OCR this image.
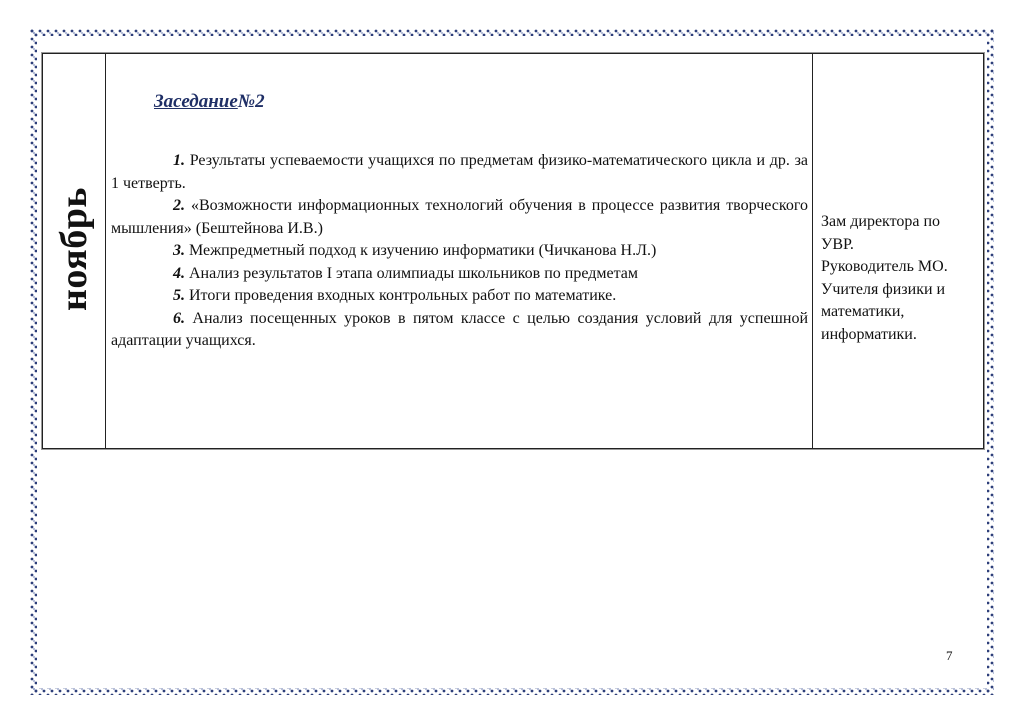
ноябрь
Заседание№2

1. Результаты успеваемости учащихся по предметам физико-математического цикла и др. за 1 четверть.

2. «Возможности информационных технологий обучения в процессе развития творческого мышления» (Бештейнова И.В.)

3. Межпредметный подход к изучению информатики (Чичканова Н.Л.)

4. Анализ результатов I этапа олимпиады школьников по предметам

5. Итоги проведения входных контрольных работ по математике.

6. Анализ посещенных уроков в пятом классе с целью создания условий для успешной адаптации учащихся.

Зам директора по
УВР.
Руководитель МО.
Учителя физики и
математики,
информатики.
7
